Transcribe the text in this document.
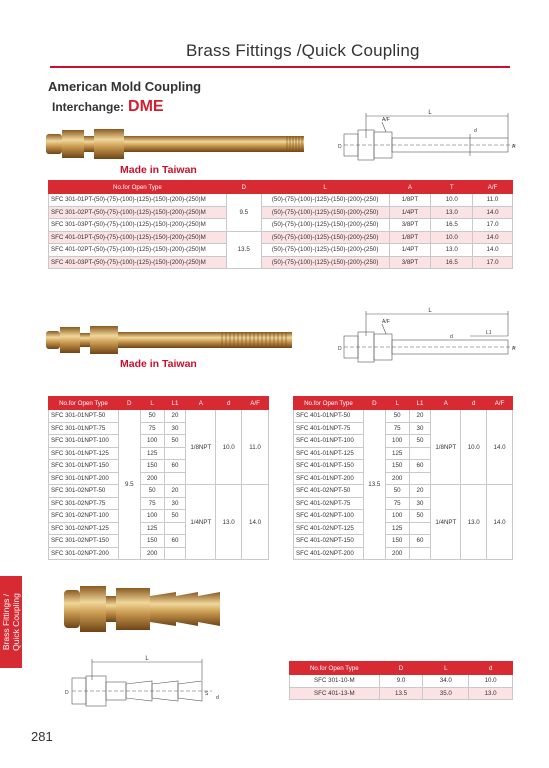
Brass Fittings /Quick Coupling
American Mold Coupling
Interchange: DME	L
A/F
D	A
d
Made in Taiwan
No.for Open Type	D	L	A	T	A/F
SFC 301-01PT-(50)-(75)-(100)-(125)-(150)-(200)-(250)M	9.5	(50)-(75)-(100)-(125)-(150)-(200)-(250)	1/8PT	10.0	11.0
SFC 301-02PT-(50)-(75)-(100)-(125)-(150)-(200)-(250)M		(50)-(75)-(100)-(125)-(150)-(200)-(250)	1/4PT	13.0	14.0
SFC 301-03PT-(50)-(75)-(100)-(125)-(150)-(200)-(250)M		(50)-(75)-(100)-(125)-(150)-(200)-(250)	3/8PT	16.5	17.0
SFC 401-01PT-(50)-(75)-(100)-(125)-(150)-(200)-(250)M	13.5	(50)-(75)-(100)-(125)-(150)-(200)-(250)	1/8PT	10.0	14.0
SFC 401-02PT-(50)-(75)-(100)-(125)-(150)-(200)-(250)M		(50)-(75)-(100)-(125)-(150)-(200)-(250)	1/4PT	13.0	14.0
SFC 401-03PT-(50)-(75)-(100)-(125)-(150)-(200)-(250)M		(50)-(75)-(100)-(125)-(150)-(200)-(250)	3/8PT	16.5	17.0
L
L1
A/F
D	A
d
Made in Taiwan
No.for Open Type	D	L	L1	A	d	A/F
SFC 301-01NPT-50	9.5	50	20	1/8NPT	10.0	11.0
SFC 301-01NPT-75		75	30			
SFC 301-01NPT-100		100	50			
SFC 301-01NPT-125		125				
SFC 301-01NPT-150		150	60			
SFC 301-01NPT-200		200				
SFC 301-02NPT-50		50	20	1/4NPT	13.0	14.0
SFC 301-02NPT-75		75	30			
SFC 301-02NPT-100		100	50			
SFC 301-02NPT-125		125				
SFC 301-02NPT-150		150	60			
SFC 301-02NPT-200		200				
No.for Open Type	D	L	L1	A	d	A/F
SFC 401-01NPT-50	13.5	50	20	1/8NPT	10.0	14.0
SFC 401-01NPT-75		75	30			
SFC 401-01NPT-100		100	50			
SFC 401-01NPT-125		125				
SFC 401-01NPT-150		150	60			
SFC 401-01NPT-200		200				
SFC 401-02NPT-50		50	20	1/4NPT	13.0	14.0
SFC 401-02NPT-75		75	30			
SFC 401-02NPT-100		100	50			
SFC 401-02NPT-125		125				
SFC 401-02NPT-150		150	60			
SFC 401-02NPT-200		200				
Brass Fittings / Quick Coupling
L
D	S
d
No.for Open Type	D	L	d
SFC 301-10-M	9.0	34.0	10.0
SFC 401-13-M	13.5	35.0	13.0
281
